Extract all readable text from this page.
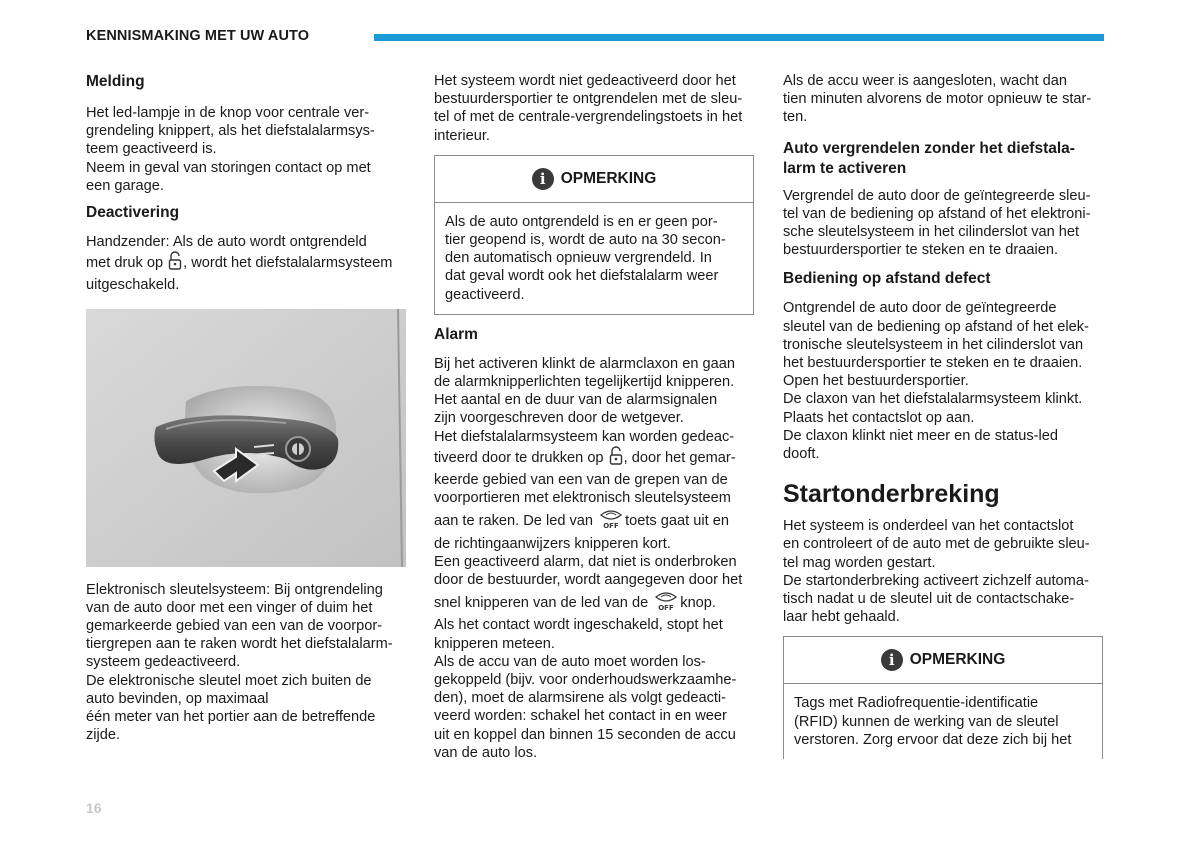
KENNISMAKING MET UW AUTO

Melding

Het led-lampje in de knop voor centrale ver-

grendeling knippert, als het diefstalalarmsys-

teem geactiveerd is.

Neem in geval van storingen contact op met

een garage.

Deactivering

Handzender: Als de auto wordt ontgrendeld

met druk op , wordt het diefstalalarmsysteem

uitgeschakeld.

Elektronisch sleutelsysteem: Bij ontgrendeling

van de auto door met een vinger of duim het

gemarkeerde gebied van een van de voorpor-

tiergrepen aan te raken wordt het diefstalalarm-

systeem gedeactiveerd.

De elektronische sleutel moet zich buiten de

auto bevinden, op maximaal

één meter van het portier aan de betreffende

zijde.

Het systeem wordt niet gedeactiveerd door het

bestuurdersportier te ontgrendelen met de sleu-

tel of met de centrale-vergrendelingstoets in het

interieur.

i OPMERKING

Als de auto ontgrendeld is en er geen por-

tier geopend is, wordt de auto na 30 secon-

den automatisch opnieuw vergrendeld. In

dat geval wordt ook het diefstalalarm weer

geactiveerd.

Alarm

Bij het activeren klinkt de alarmclaxon en gaan

de alarmknipperlichten tegelijkertijd knipperen.

Het aantal en de duur van de alarmsignalen

zijn voorgeschreven door de wetgever.

Het diefstalalarmsysteem kan worden gedeac-

tiveerd door te drukken op , door het gemar-

keerde gebied van een van de grepen van de

voorportieren met elektronisch sleutelsysteem

aan te raken. De led van OFF toets gaat uit en

de richtingaanwijzers knipperen kort.

Een geactiveerd alarm, dat niet is onderbroken

door de bestuurder, wordt aangegeven door het

snel knipperen van de led van de OFF knop.

Als het contact wordt ingeschakeld, stopt het

knipperen meteen.

Als de accu van de auto moet worden los-

gekoppeld (bijv. voor onderhoudswerkzaamhe-

den), moet de alarmsirene als volgt gedeacti-

veerd worden: schakel het contact in en weer

uit en koppel dan binnen 15 seconden de accu

van de auto los.

Als de accu weer is aangesloten, wacht dan

tien minuten alvorens de motor opnieuw te star-

ten.

Auto vergrendelen zonder het diefstala-

larm te activeren

Vergrendel de auto door de geïntegreerde sleu-

tel van de bediening op afstand of het elektroni-

sche sleutelsysteem in het cilinderslot van het

bestuurdersportier te steken en te draaien.

Bediening op afstand defect

Ontgrendel de auto door de geïntegreerde

sleutel van de bediening op afstand of het elek-

tronische sleutelsysteem in het cilinderslot van

het bestuurdersportier te steken en te draaien.

Open het bestuurdersportier.

De claxon van het diefstalalarmsysteem klinkt.

Plaats het contactslot op aan.

De claxon klinkt niet meer en de status-led

dooft.

Startonderbreking

Het systeem is onderdeel van het contactslot

en controleert of de auto met de gebruikte sleu-

tel mag worden gestart.

De startonderbreking activeert zichzelf automa-

tisch nadat u de sleutel uit de contactschake-

laar hebt gehaald.

i OPMERKING

Tags met Radiofrequentie-identificatie

(RFID) kunnen de werking van de sleutel

verstoren. Zorg ervoor dat deze zich bij het

16
